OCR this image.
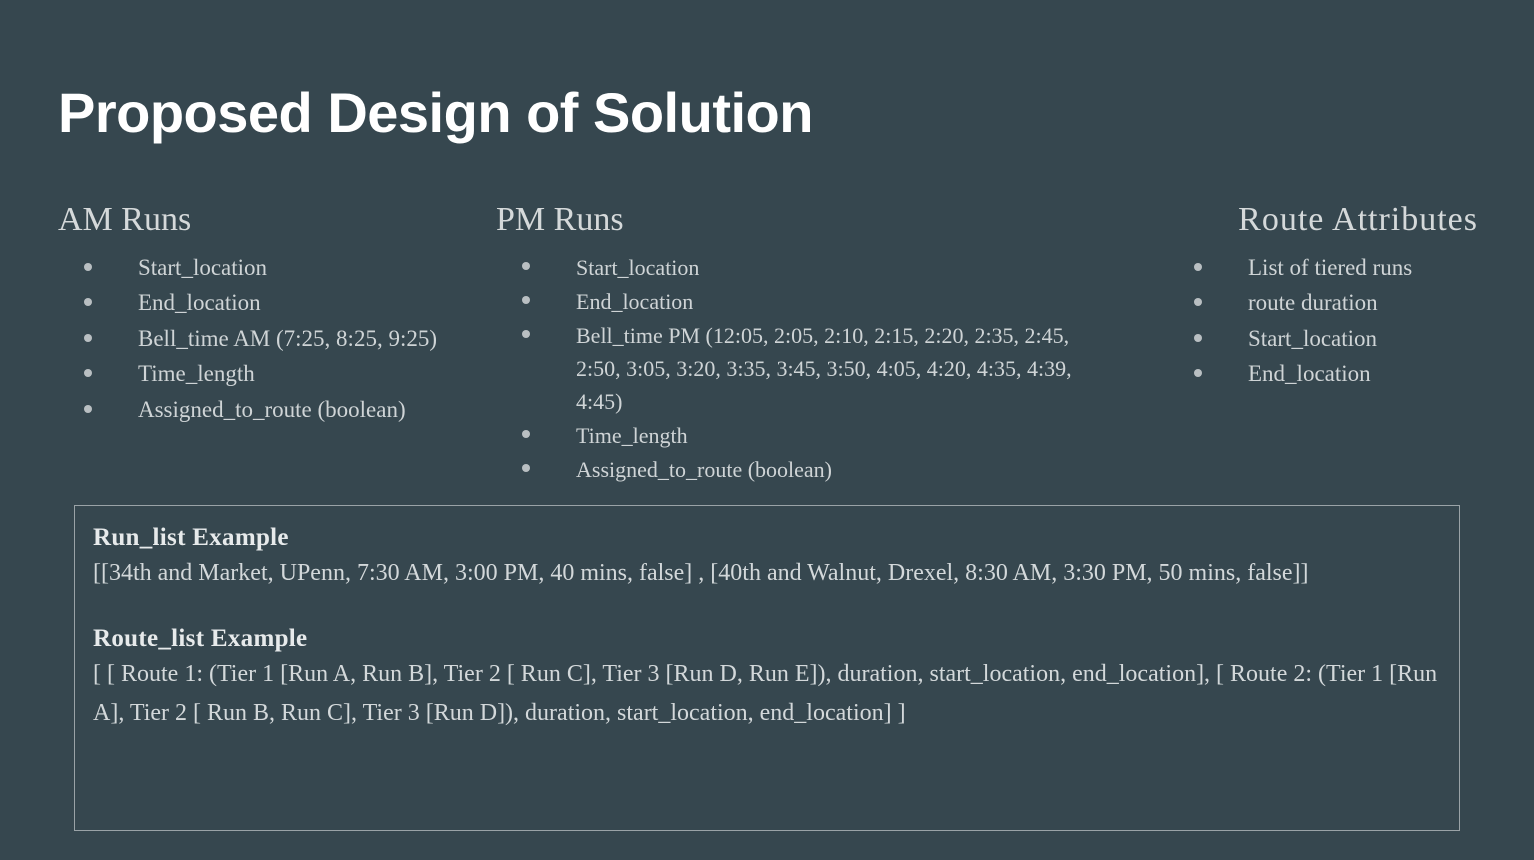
Proposed Design of Solution
AM Runs
Start_location
End_location
Bell_time AM (7:25, 8:25, 9:25)
Time_length
Assigned_to_route (boolean)
PM Runs
Start_location
End_location
Bell_time PM (12:05, 2:05, 2:10, 2:15, 2:20, 2:35, 2:45, 2:50, 3:05, 3:20, 3:35, 3:45, 3:50, 4:05, 4:20, 4:35, 4:39, 4:45)
Time_length
Assigned_to_route (boolean)
Route Attributes
List of tiered runs
route duration
Start_location
End_location
Run_list Example
[[34th and Market, UPenn, 7:30 AM, 3:00 PM, 40 mins, false] , [40th and Walnut, Drexel, 8:30 AM, 3:30 PM, 50 mins, false]]
Route_list Example
[ [ Route 1: (Tier 1 [Run A, Run B], Tier 2 [ Run C], Tier 3 [Run D, Run E]), duration, start_location, end_location], [ Route 2: (Tier 1 [Run A], Tier 2 [ Run B, Run C], Tier 3 [Run D]), duration, start_location, end_location] ]
